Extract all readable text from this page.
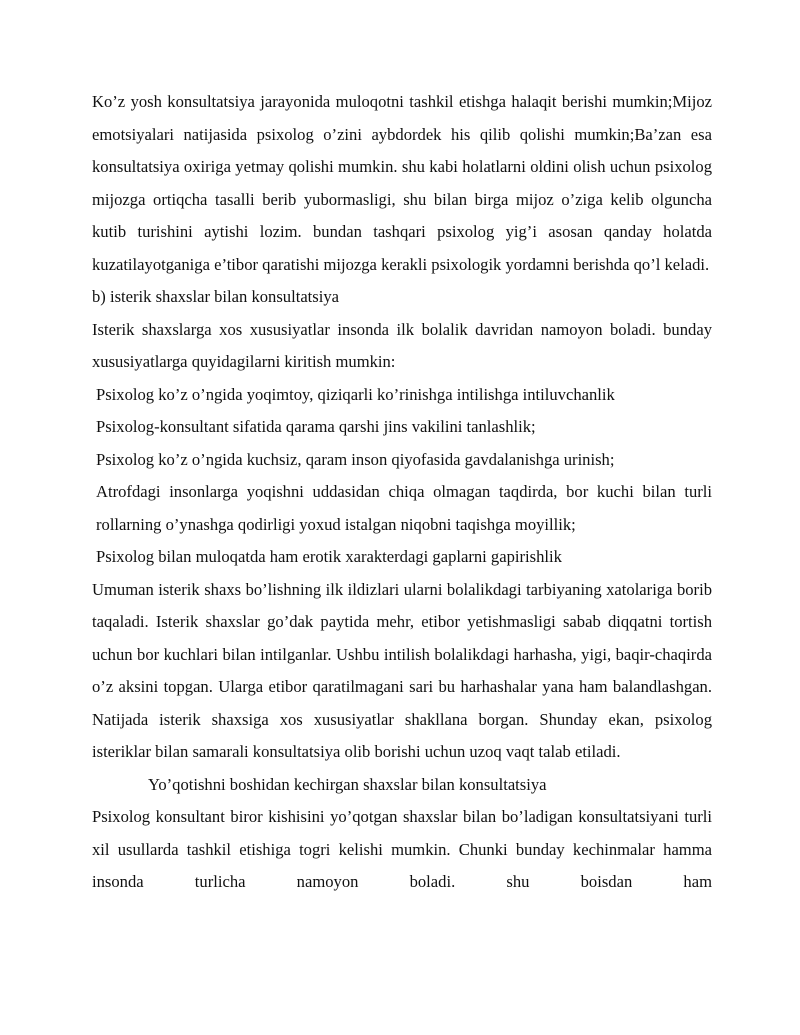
Ko’z yosh konsultatsiya jarayonida muloqotni tashkil etishga halaqit berishi mumkin;Mijoz emotsiyalari natijasida psixolog o’zini aybdordek his qilib qolishi mumkin;Ba’zan esa konsultatsiya oxiriga yetmay qolishi mumkin. shu kabi holatlarni oldini olish uchun psixolog mijozga ortiqcha tasalli berib yubormasligi, shu bilan birga mijoz o’ziga kelib olguncha kutib turishini aytishi lozim. bundan tashqari psixolog yig’i asosan qanday holatda kuzatilayotganiga e’tibor qaratishi mijozga kerakli psixologik yordamni berishda qo’l keladi.

b) isterik shaxslar bilan konsultatsiya

Isterik shaxslarga xos xususiyatlar insonda ilk bolalik davridan namoyon boladi. bunday xususiyatlarga quyidagilarni kiritish mumkin:

Psixolog ko’z o’ngida yoqimtoy, qiziqarli ko’rinishga intilishga intiluvchanlik

Psixolog-konsultant sifatida qarama qarshi jins vakilini tanlashlik;

Psixolog ko’z o’ngida kuchsiz, qaram inson qiyofasida gavdalanishga urinish;

Atrofdagi insonlarga yoqishni uddasidan chiqa olmagan taqdirda, bor kuchi bilan turli rollarning o’ynashga qodirligi yoxud istalgan niqobni taqishga moyillik;

Psixolog bilan muloqatda ham erotik xarakterdagi gaplarni gapirishlik

Umuman isterik shaxs bo’lishning ilk ildizlari ularni bolalikdagi tarbiyaning xatolariga borib taqaladi. Isterik shaxslar go’dak paytida mehr, etibor yetishmasligi sabab diqqatni tortish uchun bor kuchlari bilan intilganlar. Ushbu intilish bolalikdagi harhasha, yigi, baqir-chaqirda o’z aksini topgan. Ularga etibor qaratilmagani sari bu harhashalar yana ham balandlashgan. Natijada isterik shaxsiga xos xususiyatlar shakllana borgan. Shunday ekan, psixolog isteriklar bilan samarali konsultatsiya olib borishi uchun uzoq vaqt talab etiladi.

Yo’qotishni boshidan kechirgan shaxslar bilan konsultatsiya

Psixolog konsultant biror kishisini yo’qotgan shaxslar bilan bo’ladigan konsultatsiyani turli xil usullarda tashkil etishiga togri kelishi mumkin. Chunki bunday kechinmalar hamma insonda turlicha namoyon boladi. shu boisdan ham
